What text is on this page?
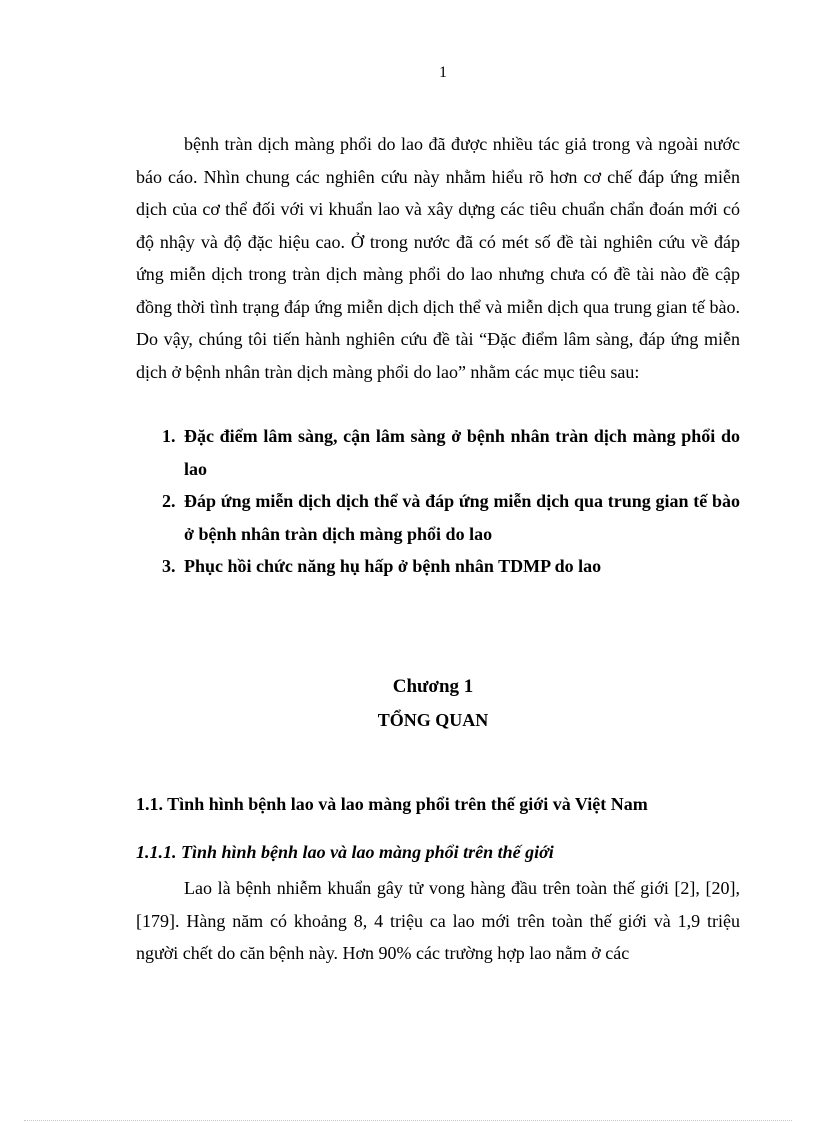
1

bệnh tràn dịch màng phổi do lao đã được nhiều tác giả trong và ngoài nước báo cáo. Nhìn chung các nghiên cứu này nhằm hiểu rõ hơn cơ chế đáp ứng miễn dịch của cơ thể đối với vi khuẩn lao và xây dựng các tiêu chuẩn chẩn đoán mới có độ nhậy và độ đặc hiệu cao. Ở trong nước đã có mét số đề tài nghiên cứu về đáp ứng miễn dịch trong tràn dịch màng phổi do lao nhưng chưa có đề tài nào đề cập đồng thời tình trạng đáp ứng miễn dịch dịch thể và miễn dịch qua trung gian tế bào. Do vậy, chúng tôi tiến hành nghiên cứu đề tài “Đặc điểm lâm sàng, đáp ứng miễn dịch ở bệnh nhân tràn dịch màng phổi do lao” nhằm các mục tiêu sau:

1. Đặc điểm lâm sàng, cận lâm sàng ở bệnh nhân tràn dịch màng phổi do lao
2. Đáp ứng miễn dịch dịch thể và đáp ứng miễn dịch qua trung gian tế bào ở bệnh nhân tràn dịch màng phổi do lao
3. Phục hồi chức năng hụ hấp ở bệnh nhân TDMP do lao
Chương 1
TỔNG QUAN
1.1. Tình hình bệnh lao và lao màng phổi trên thế giới và Việt Nam
1.1.1. Tình hình bệnh lao và lao màng phổi trên thế giới

Lao là bệnh nhiễm khuẩn gây tử vong hàng đầu trên toàn thế giới [2], [20], [179]. Hàng năm có khoảng 8, 4 triệu ca lao mới trên toàn thế giới và 1,9 triệu người chết do căn bệnh này. Hơn 90% các trường hợp lao nằm ở các
